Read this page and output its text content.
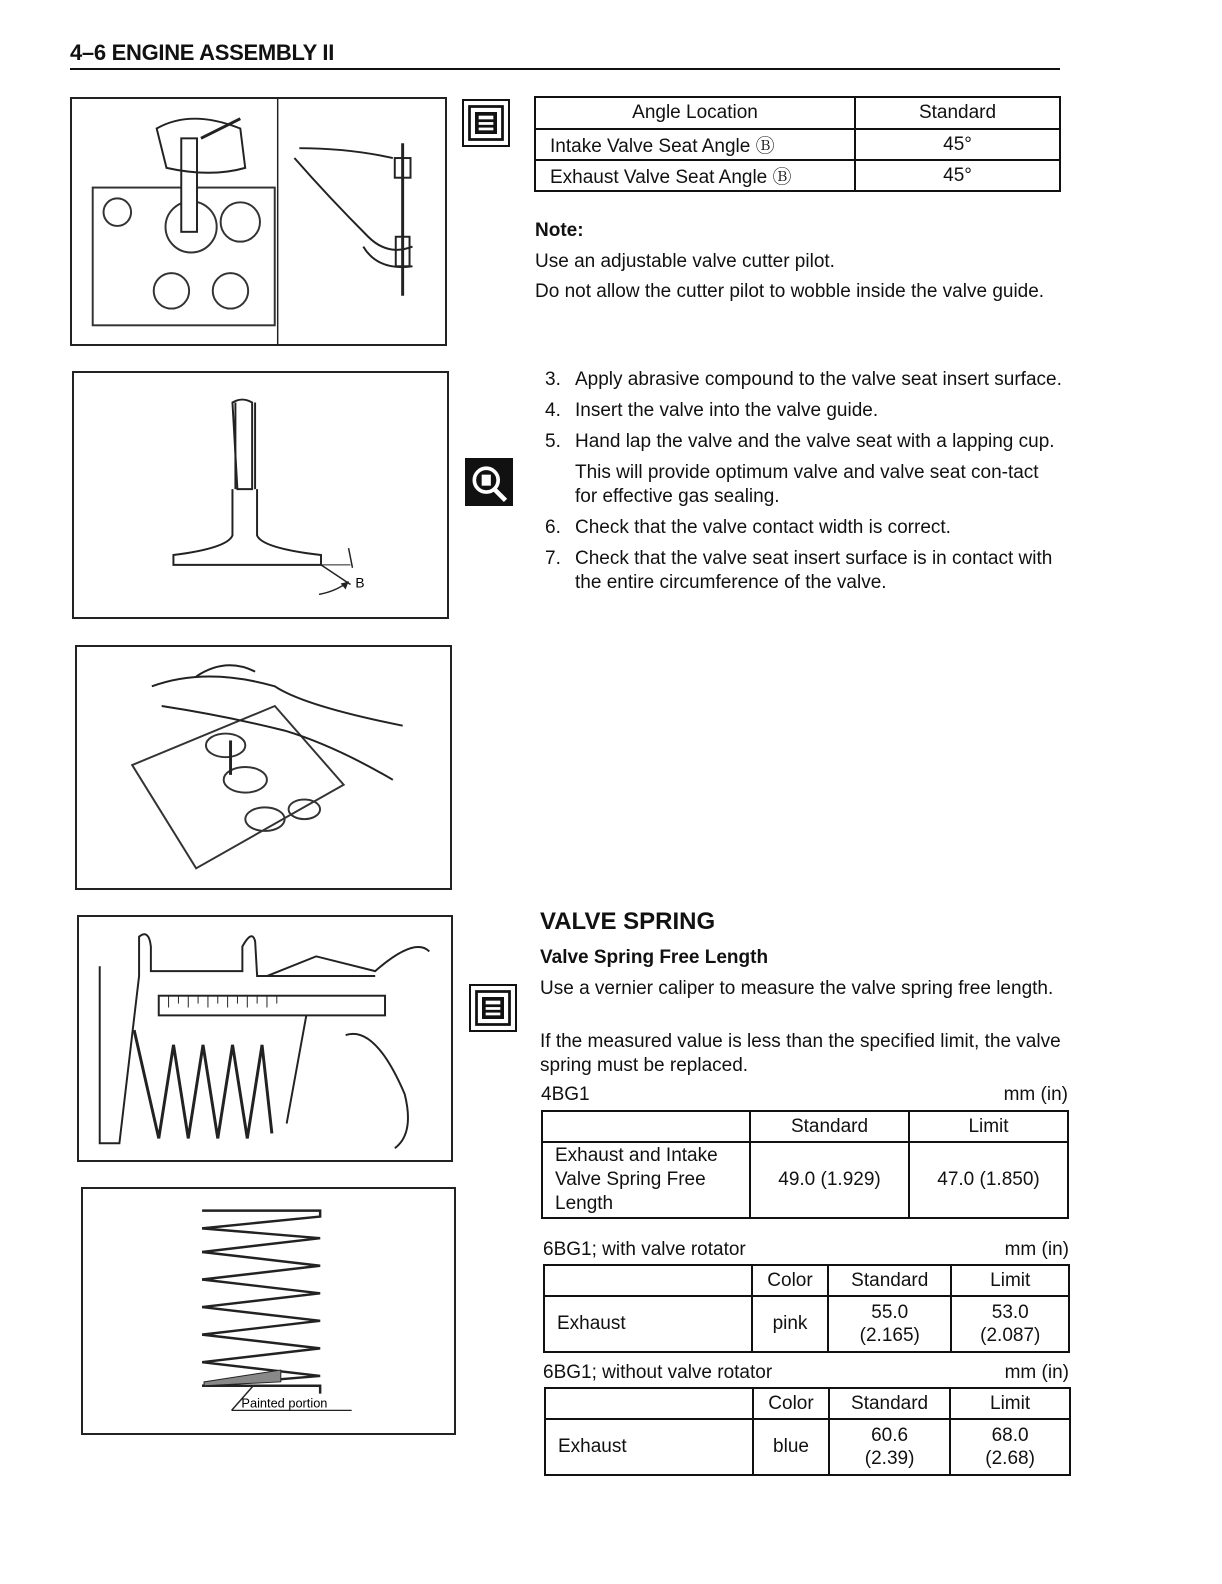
4–6 ENGINE ASSEMBLY II
B
Painted portion
Angle Location	Standard
Intake Valve Seat Angle Ⓑ	45°
Exhaust Valve Seat Angle Ⓑ	45°
Note:
Use an adjustable valve cutter pilot.
Do not allow the cutter pilot to wobble inside the valve guide.
3. Apply abrasive compound to the valve seat insert surface.
4. Insert the valve into the valve guide.
5. Hand lap the valve and the valve seat with a lapping cup.
This will provide optimum valve and valve seat con-tact for effective gas sealing.
6. Check that the valve contact width is correct.
7. Check that the valve seat insert surface is in contact with the entire circumference of the valve.
VALVE SPRING
Valve Spring Free Length
Use a vernier caliper to measure the valve spring free length.
If the measured value is less than the specified limit, the valve spring must be replaced.
4BG1	mm (in)
	Standard	Limit
Exhaust and Intake Valve Spring Free Length	49.0 (1.929)	47.0 (1.850)
6BG1; with valve rotator	mm (in)
	Color	Standard	Limit
Exhaust	pink	55.0 (2.165)	53.0 (2.087)
6BG1; without valve rotator	mm (in)
	Color	Standard	Limit
Exhaust	blue	60.6 (2.39)	68.0 (2.68)
